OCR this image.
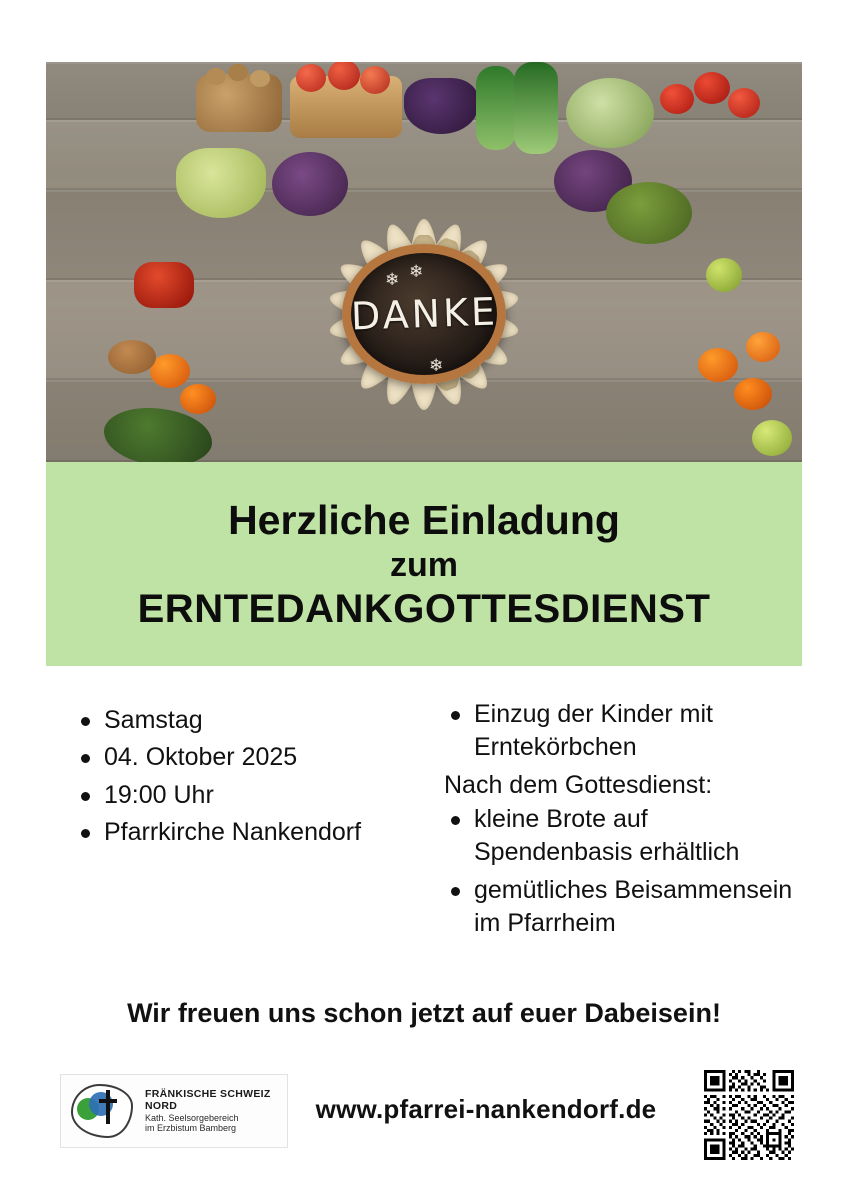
❄ ❄
❄
DANKE
Herzliche Einladung
zum
ERNTEDANKGOTTESDIENST
Samstag
04. Oktober 2025
19:00 Uhr
Pfarrkirche Nankendorf
Einzug der Kinder mit Erntekörbchen
Nach dem Gottesdienst:
kleine Brote auf Spendenbasis erhältlich
gemütliches Beisammensein im Pfarrheim
Wir freuen uns schon jetzt auf euer Dabeisein!
FRÄNKISCHE SCHWEIZ NORD
Kath. Seelsorgebereich
im Erzbistum Bamberg
www.pfarrei-nankendorf.de
